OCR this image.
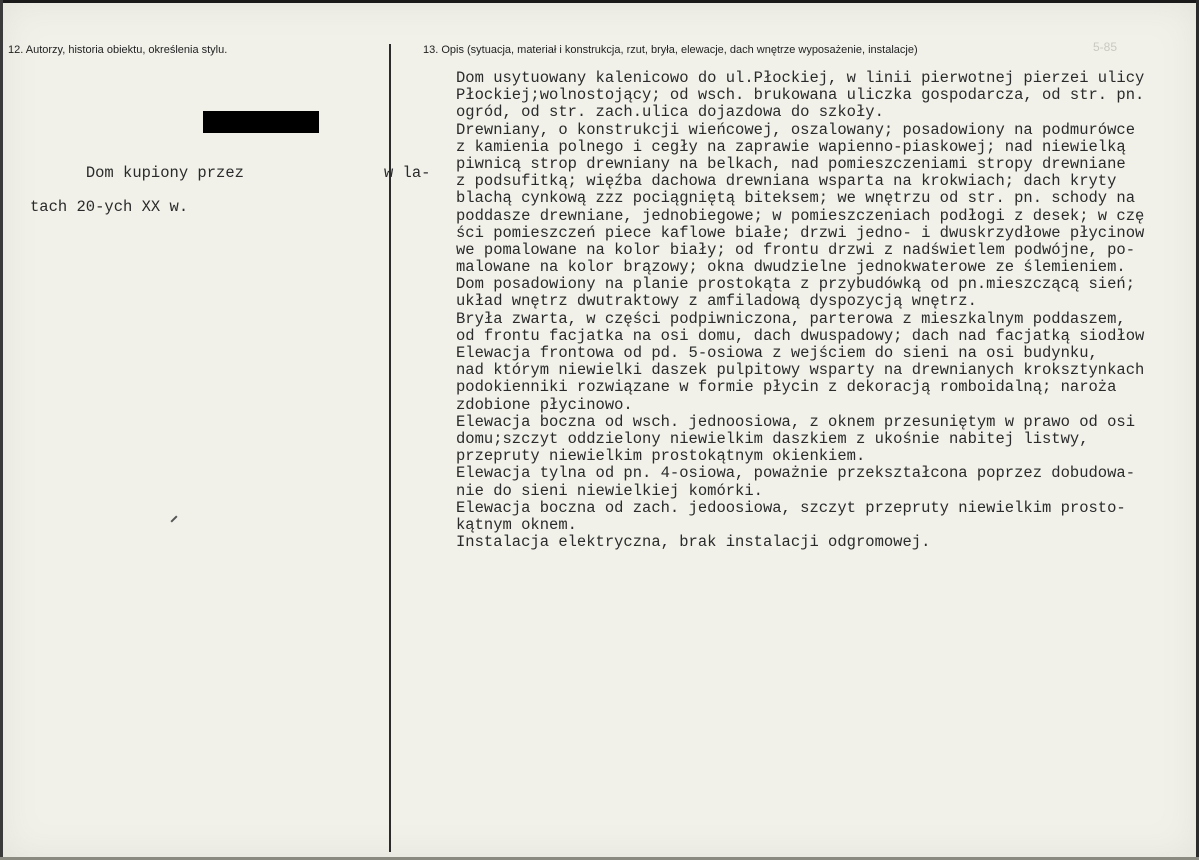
12. Autorzy, historia obiektu, określenia stylu.	13. Opis (sytuacja, materiał i konstrukcja, rzut, bryła, elewacje, dach wnętrze wyposażenie, instalacje)	5-85

Dom kupiony przez	w la-

tach 20-ych XX w.

Dom usytuowany kalenicowo do ul.Płockiej, w linii pierwotnej pierzei ulicy
Płockiej;wolnostojący; od wsch. brukowana uliczka gospodarcza, od str. pn.
ogród, od str. zach.ulica dojazdowa do szkoły.
Drewniany, o konstrukcji wieńcowej, oszalowany; posadowiony na podmurówce
z kamienia polnego i cegły na zaprawie wapienno-piaskowej; nad niewielką
piwnicą strop drewniany na belkach, nad pomieszczeniami stropy drewniane
z podsufitką; więźba dachowa drewniana wsparta na krokwiach; dach kryty
blachą cynkową zzz pociągniętą biteksem; we wnętrzu od str. pn. schody na
poddasze drewniane, jednobiegowe; w pomieszczeniach podłogi z desek; w czę
ści pomieszczeń piece kaflowe białe; drzwi jedno- i dwuskrzydłowe płycinow
we pomalowane na kolor biały; od frontu drzwi z nadświetlem podwójne, po-
malowane na kolor brązowy; okna dwudzielne jednokwaterowe ze ślemieniem.
Dom posadowiony na planie prostokąta z przybudówką od pn.mieszczącą sień;
układ wnętrz dwutraktowy z amfiladową dyspozycją wnętrz.
Bryła zwarta, w części podpiwniczona, parterowa z mieszkalnym poddaszem,
od frontu facjatka na osi domu, dach dwuspadowy; dach nad facjatką siodłow
Elewacja frontowa od pd. 5-osiowa z wejściem do sieni na osi budynku,
nad którym niewielki daszek pulpitowy wsparty na drewnianych kroksztynkach
podokienniki rozwiązane w formie płycin z dekoracją romboidalną; naroża
zdobione płycinowo.
Elewacja boczna od wsch. jednoosiowa, z oknem przesuniętym w prawo od osi
domu;szczyt oddzielony niewielkim daszkiem z ukośnie nabitej listwy,
przepruty niewielkim prostokątnym okienkiem.
Elewacja tylna od pn. 4-osiowa, poważnie przekształcona poprzez dobudowa-
nie do sieni niewielkiej komórki.
Elewacja boczna od zach. jedoosiowa, szczyt przepruty niewielkim prosto-
kątnym oknem.
Instalacja elektryczna, brak instalacji odgromowej.
